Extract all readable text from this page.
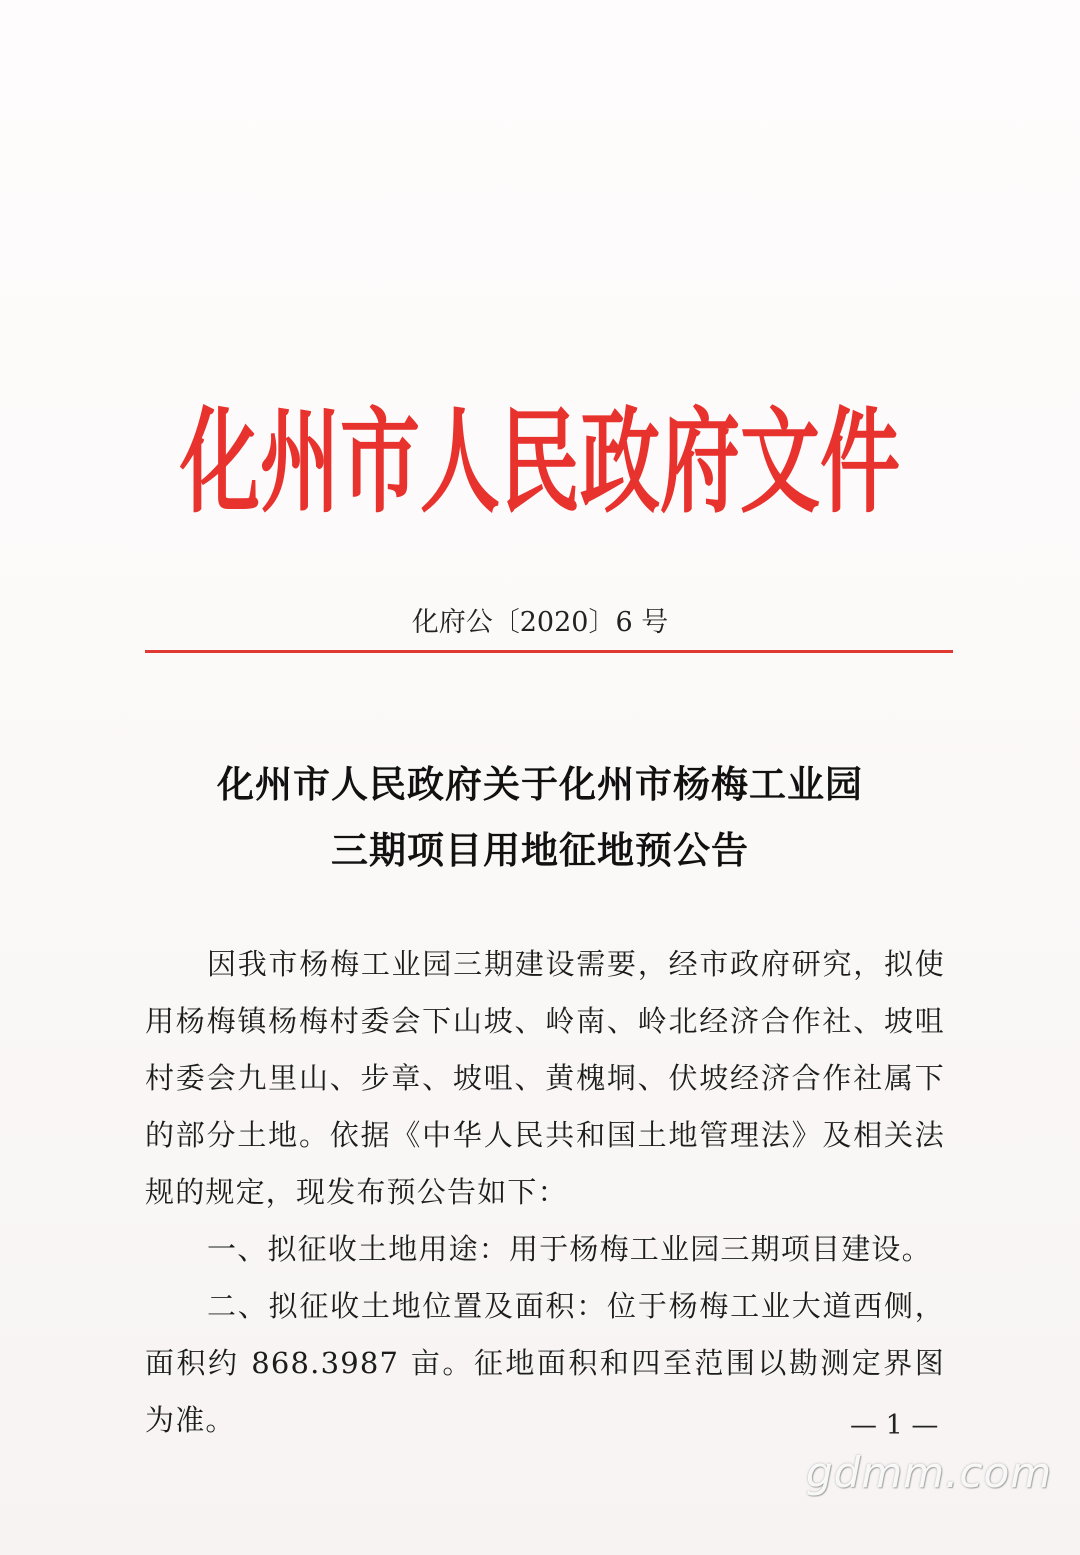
化州市人民政府文件
化府公〔2020〕6 号
化州市人民政府关于化州市杨梅工业园
三期项目用地征地预公告

因我市杨梅工业园三期建设需要，经市政府研究，拟使用杨梅镇杨梅村委会下山坡、岭南、岭北经济合作社、坡咀村委会九里山、步章、坡咀、黄槐垌、伏坡经济合作社属下的部分土地。依据《中华人民共和国土地管理法》及相关法规的规定，现发布预公告如下：

一、拟征收土地用途：用于杨梅工业园三期项目建设。

二、拟征收土地位置及面积：位于杨梅工业大道西侧，面积约 868.3987 亩。征地面积和四至范围以勘测定界图为准。	— 1 —
gdmm.com
